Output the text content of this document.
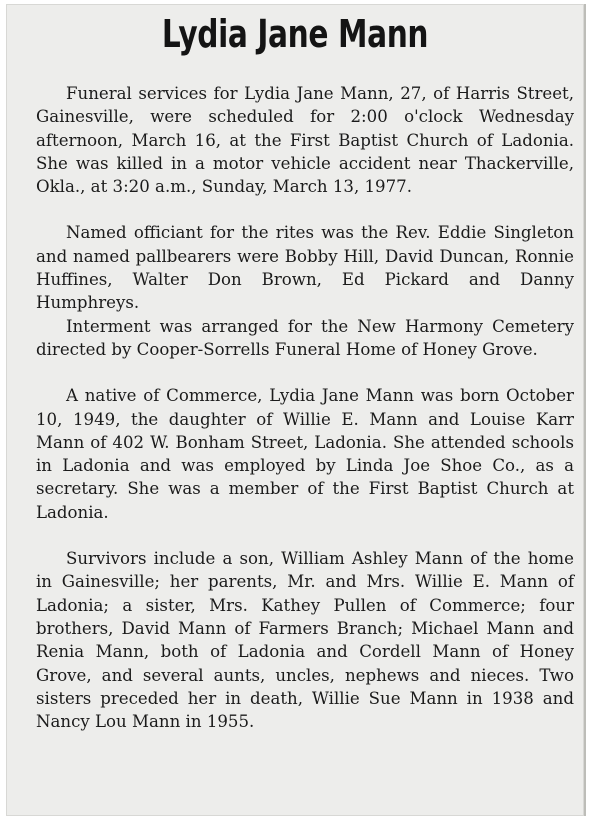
Lydia Jane Mann

Funeral services for Lydia Jane Mann, 27, of Harris Street, Gainesville, were scheduled for 2:00 o'clock Wednesday afternoon, March 16, at the First Baptist Church of Ladonia. She was killed in a motor vehicle accident near Thackerville, Okla., at 3:20 a.m., Sunday, March 13, 1977.

Named officiant for the rites was the Rev. Eddie Singleton and named pallbearers were Bobby Hill, David Duncan, Ronnie Huffines, Walter Don Brown, Ed Pickard and Danny Humphreys.

Interment was arranged for the New Harmony Cemetery directed by Cooper-Sorrells Funeral Home of Honey Grove.

A native of Commerce, Lydia Jane Mann was born October 10, 1949, the daughter of Willie E. Mann and Louise Karr Mann of 402 W. Bonham Street, Ladonia. She attended schools in Ladonia and was employed by Linda Joe Shoe Co., as a secretary. She was a member of the First Baptist Church at Ladonia.

Survivors include a son, William Ashley Mann of the home in Gainesville; her parents, Mr. and Mrs. Willie E. Mann of Ladonia; a sister, Mrs. Kathey Pullen of Commerce; four brothers, David Mann of Farmers Branch; Michael Mann and Renia Mann, both of Ladonia and Cordell Mann of Honey Grove, and several aunts, uncles, nephews and nieces. Two sisters preceded her in death, Willie Sue Mann in 1938 and Nancy Lou Mann in 1955.
